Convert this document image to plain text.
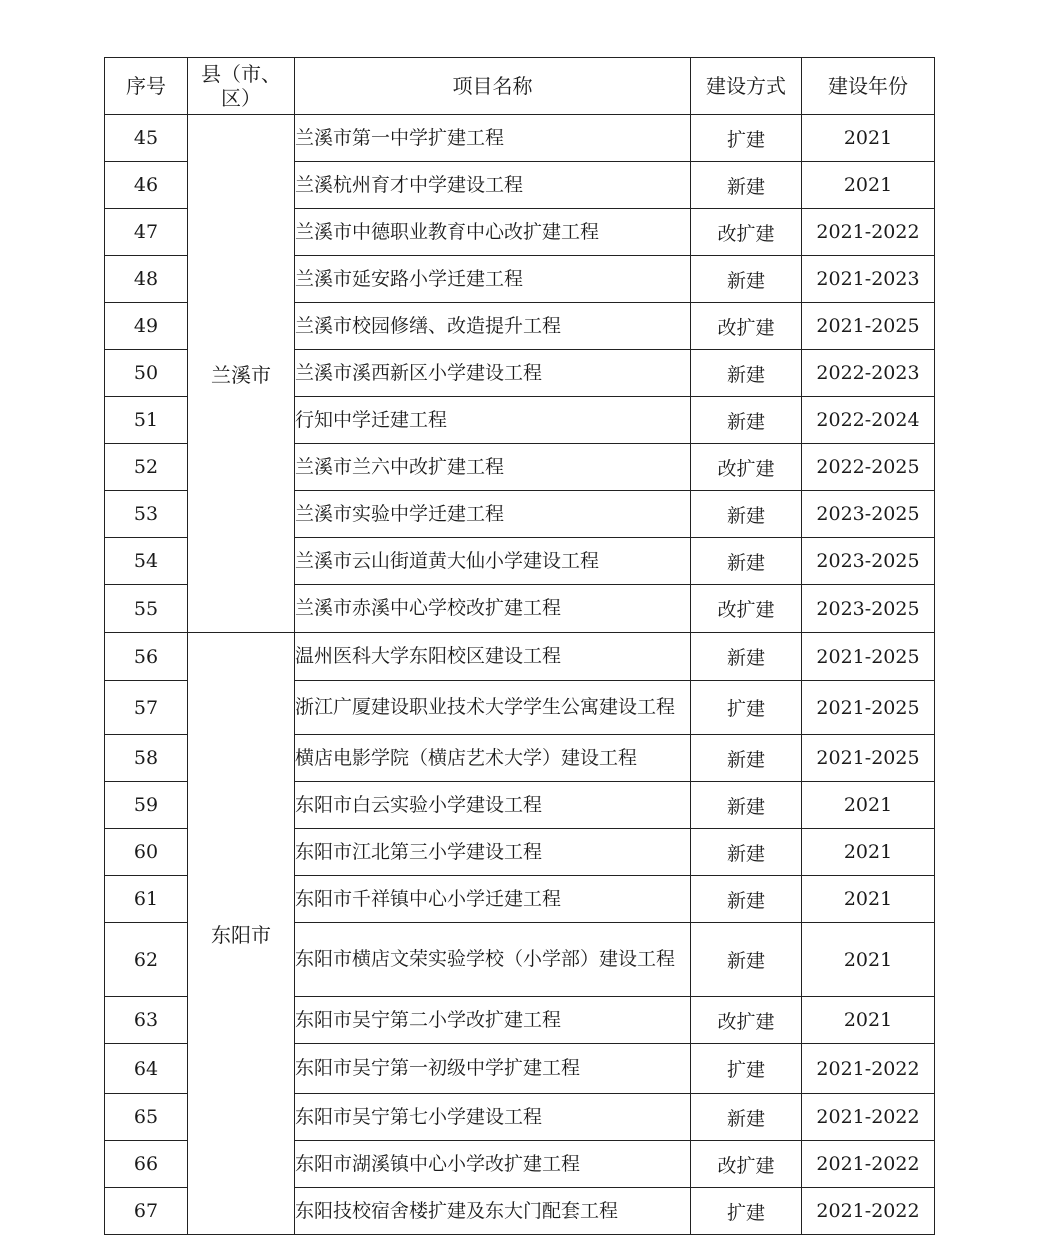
序号	县（市、区）	项目名称	建设方式	建设年份
45	兰溪市	兰溪市第一中学扩建工程	扩建	2021
46		兰溪杭州育才中学建设工程	新建	2021
47		兰溪市中德职业教育中心改扩建工程	改扩建	2021-2022
48		兰溪市延安路小学迁建工程	新建	2021-2023
49		兰溪市校园修缮、改造提升工程	改扩建	2021-2025
50		兰溪市溪西新区小学建设工程	新建	2022-2023
51		行知中学迁建工程	新建	2022-2024
52		兰溪市兰六中改扩建工程	改扩建	2022-2025
53		兰溪市实验中学迁建工程	新建	2023-2025
54		兰溪市云山街道黄大仙小学建设工程	新建	2023-2025
55		兰溪市赤溪中心学校改扩建工程	改扩建	2023-2025
56	东阳市	温州医科大学东阳校区建设工程	新建	2021-2025
57		浙江广厦建设职业技术大学学生公寓建设工程	扩建	2021-2025
58		横店电影学院（横店艺术大学）建设工程	新建	2021-2025
59		东阳市白云实验小学建设工程	新建	2021
60		东阳市江北第三小学建设工程	新建	2021
61		东阳市千祥镇中心小学迁建工程	新建	2021
62		东阳市横店文荣实验学校（小学部）建设工程	新建	2021
63		东阳市吴宁第二小学改扩建工程	改扩建	2021
64		东阳市吴宁第一初级中学扩建工程	扩建	2021-2022
65		东阳市吴宁第七小学建设工程	新建	2021-2022
66		东阳市湖溪镇中心小学改扩建工程	改扩建	2021-2022
67		东阳技校宿舍楼扩建及东大门配套工程	扩建	2021-2022
